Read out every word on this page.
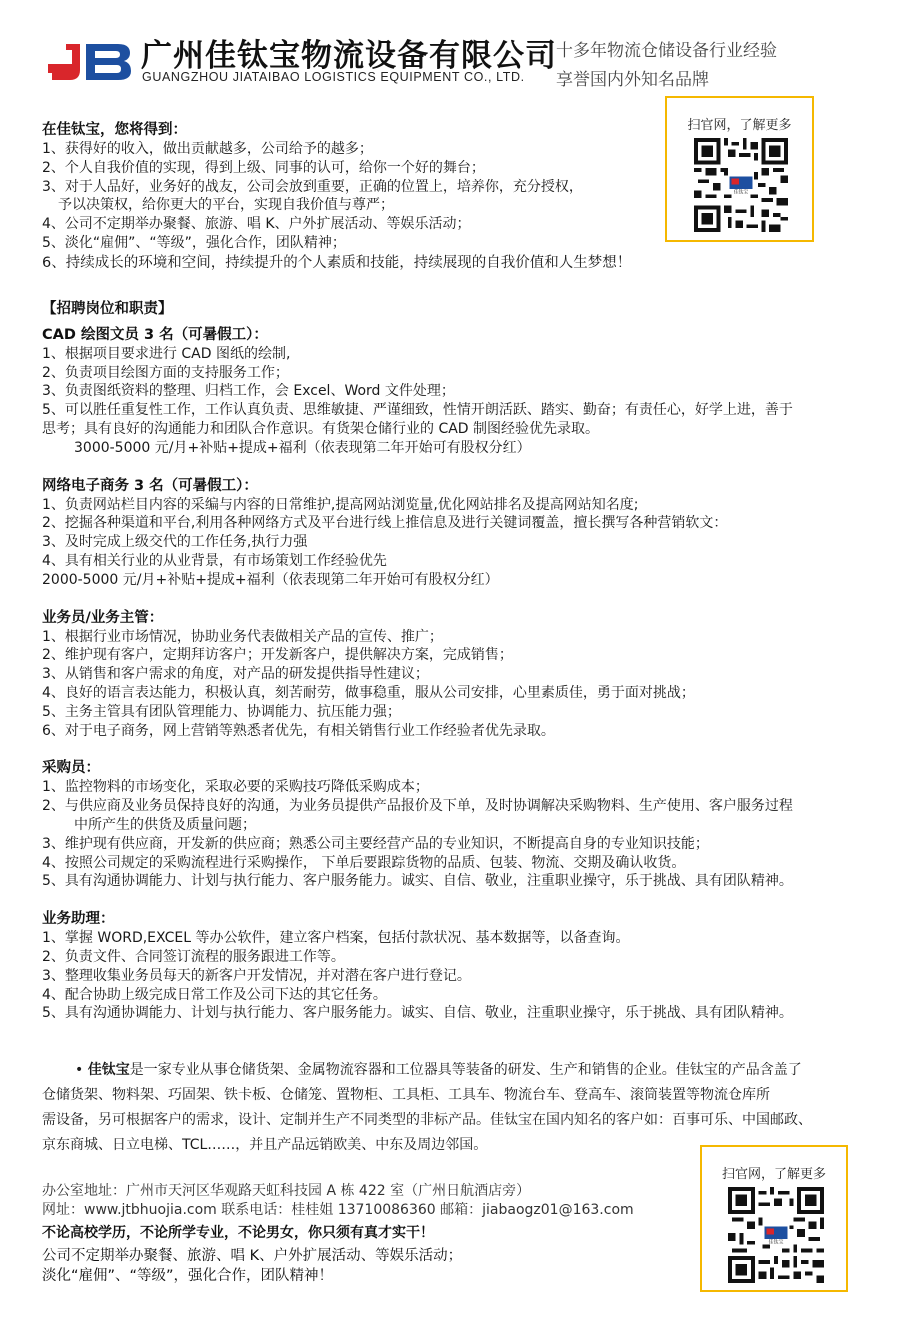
广州佳钛宝物流设备有限公司
GUANGZHOU JIATAIBAO LOGISTICS EQUIPMENT CO., LTD.
十多年物流仓储设备行业经验
享誉国内外知名品牌
扫官网，了解更多
佳钛宝
在佳钛宝，您将得到：
1、获得好的收入，做出贡献越多，公司给予的越多；
2、个人自我价值的实现，得到上级、同事的认可，给你一个好的舞台；
3、对于人品好，业务好的战友，公司会放到重要，正确的位置上，培养你，充分授权，
予以决策权，给你更大的平台，实现自我价值与尊严；
4、公司不定期举办聚餐、旅游、唱 K、户外扩展活动、等娱乐活动；
5、淡化“雇佣”、“等级”，强化合作，团队精神；
6、持续成长的环境和空间，持续提升的个人素质和技能，持续展现的自我价值和人生梦想！
【招聘岗位和职责】
CAD 绘图文员 3 名（可暑假工）：
1、根据项目要求进行 CAD 图纸的绘制,
2、负责项目绘图方面的支持服务工作；
3、负责图纸资料的整理、归档工作，会 Excel、Word 文件处理；
5、可以胜任重复性工作，工作认真负责、思维敏捷、严谨细致，性情开朗活跃、踏实、勤奋；有责任心，好学上进，善于
思考；具有良好的沟通能力和团队合作意识。有货架仓储行业的 CAD 制图经验优先录取。
3000-5000 元/月+补贴+提成+福利（依表现第二年开始可有股权分红）
网络电子商务 3 名（可暑假工）：
1、负责网站栏目内容的采编与内容的日常维护,提高网站浏览量,优化网站排名及提高网站知名度;
2、挖掘各种渠道和平台,利用各种网络方式及平台进行线上推信息及进行关键词覆盖，擅长撰写各种营销软文：
3、及时完成上级交代的工作任务,执行力强
4、具有相关行业的从业背景，有市场策划工作经验优先
2000-5000 元/月+补贴+提成+福利（依表现第二年开始可有股权分红）
业务员/业务主管：
1、根据行业市场情况，协助业务代表做相关产品的宣传、推广；
2、维护现有客户，定期拜访客户；开发新客户，提供解决方案，完成销售；
3、从销售和客户需求的角度，对产品的研发提供指导性建议；
4、良好的语言表达能力，积极认真，刻苦耐劳，做事稳重，服从公司安排，心里素质佳，勇于面对挑战；
5、主务主管具有团队管理能力、协调能力、抗压能力强；
6、对于电子商务，网上营销等熟悉者优先，有相关销售行业工作经验者优先录取。
采购员：
1、监控物料的市场变化，采取必要的采购技巧降低采购成本；
2、与供应商及业务员保持良好的沟通，为业务员提供产品报价及下单，及时协调解决采购物料、生产使用、客户服务过程
中所产生的供货及质量问题；
3、维护现有供应商，开发新的供应商；熟悉公司主要经营产品的专业知识，不断提高自身的专业知识技能；
4、按照公司规定的采购流程进行采购操作， 下单后要跟踪货物的品质、包装、物流、交期及确认收货。
5、具有沟通协调能力、计划与执行能力、客户服务能力。诚实、自信、敬业，注重职业操守，乐于挑战、具有团队精神。
业务助理：
1、掌握 WORD,EXCEL 等办公软件，建立客户档案，包括付款状况、基本数据等，以备查询。
2、负责文件、合同签订流程的服务跟进工作等。
3、整理收集业务员每天的新客户开发情况，并对潜在客户进行登记。
4、配合协助上级完成日常工作及公司下达的其它任务。
5、具有沟通协调能力、计划与执行能力、客户服务能力。诚实、自信、敬业，注重职业操守，乐于挑战、具有团队精神。
• 佳钛宝是一家专业从事仓储货架、金属物流容器和工位器具等装备的研发、生产和销售的企业。佳钛宝的产品含盖了
仓储货架、物料架、巧固架、铁卡板、仓储笼、置物柜、工具柜、工具车、物流台车、登高车、滚筒装置等物流仓库所
需设备，另可根据客户的需求，设计、定制并生产不同类型的非标产品。佳钛宝在国内知名的客户如：百事可乐、中国邮政、
京东商城、日立电梯、TCL……，并且产品远销欧美、中东及周边邻国。
办公室地址：广州市天河区华观路天虹科技园 A 栋 422 室（广州日航酒店旁）
网址：www.jtbhuojia.com 联系电话：桂桂姐 13710086360 邮箱：jiabaogz01@163.com
不论高校学历，不论所学专业，不论男女，你只须有真才实干！
公司不定期举办聚餐、旅游、唱 K、户外扩展活动、等娱乐活动；
淡化“雇佣”、“等级”，强化合作，团队精神！
扫官网，了解更多
佳钛宝
